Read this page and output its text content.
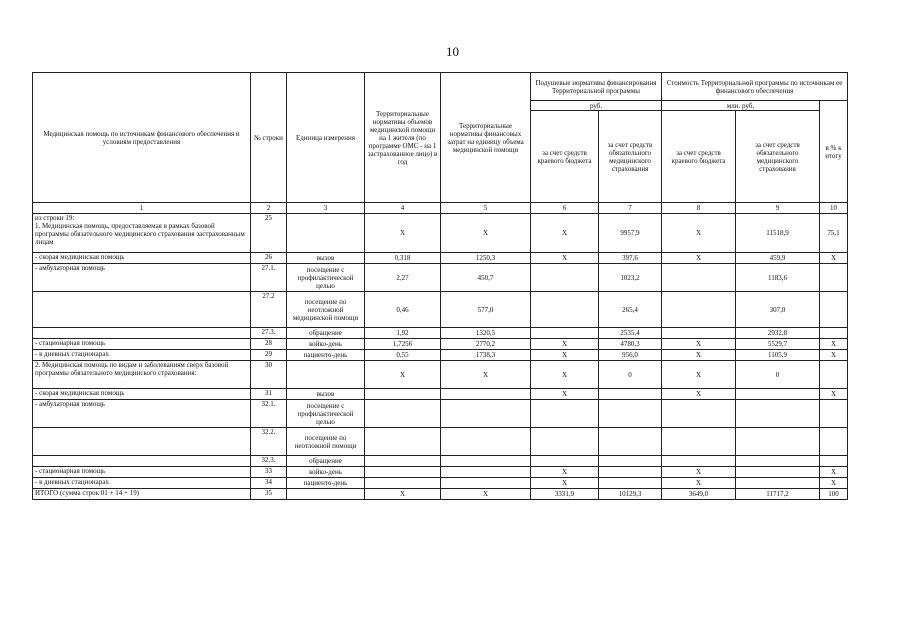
10
Медицинская помощь по источникам финансового обеспечения и условиям предоставления	№ строки	Единица измерения	Территориальные нормативы объемов медицинской помощи на 1 жителя (по программе ОМС - на 1 застрахованное лицо) в год	Территориальные нормативы финансовых затрат на единицу объема медицинской помощи	Подушевые нормативы финансирования Территориальной программы		Стоимость Территориальной программы по источникам ее финансового обеспечения		
					руб.		млн. руб.		в % к итогу
					за счет средств краевого бюджета	за счет средств обязательного медицинского страхования	за счет средств краевого бюджета	за счет средств обязательного медицинского страхования	
1	2	3	4	5	6	7	8	9	10
из строки 19:
1. Медицинская помощь, предоставляемая в рамках базовой программы обязательного медицинского страхования застрахованным лицам	25		Х	Х	Х	9957,9	Х	11518,9	75,1
- скорая медицинская помощь	26	вызов	0,318	1250,3	Х	397,6	Х	459,9	Х
- амбулаторная помощь	27.1.	посещение с профилактической целью	2,27	450,7		1023,2		1183,6	
	27.2	посещение по неотложной медицинской помощи	0,46	577,0		265,4		307,0	
	27.3.	обращение	1,92	1320,5		2535,4		2932,8	
- стационарная помощь	28	койко-день	1,7256	2770,2	Х	4780,3	Х	5529,7	Х
- в дневных стационарах	29	пациенто-день	0,55	1738,3	Х	956,0	Х	1105,9	Х
2. Медицинская помощь по видам и заболеваниям сверх базовой программы обязательного медицинского страхования:	30		Х	Х	Х	0	Х	0	
- скорая медицинская помощь	31	вызов			Х		Х		Х
- амбулаторная помощь	32.1.	посещение с профилактической целью							
	32.2.	посещение по неотложной помощи							
	32.3.	обращение							
- стационарная помощь	33	койко-день			Х		Х		Х
- в дневных стационарах	34	пациенто-день			Х		Х		Х
ИТОГО (сумма строк 01 + 14 + 19)	35		Х	Х	3331,9	10129,3	3649,0	11717,2	100
